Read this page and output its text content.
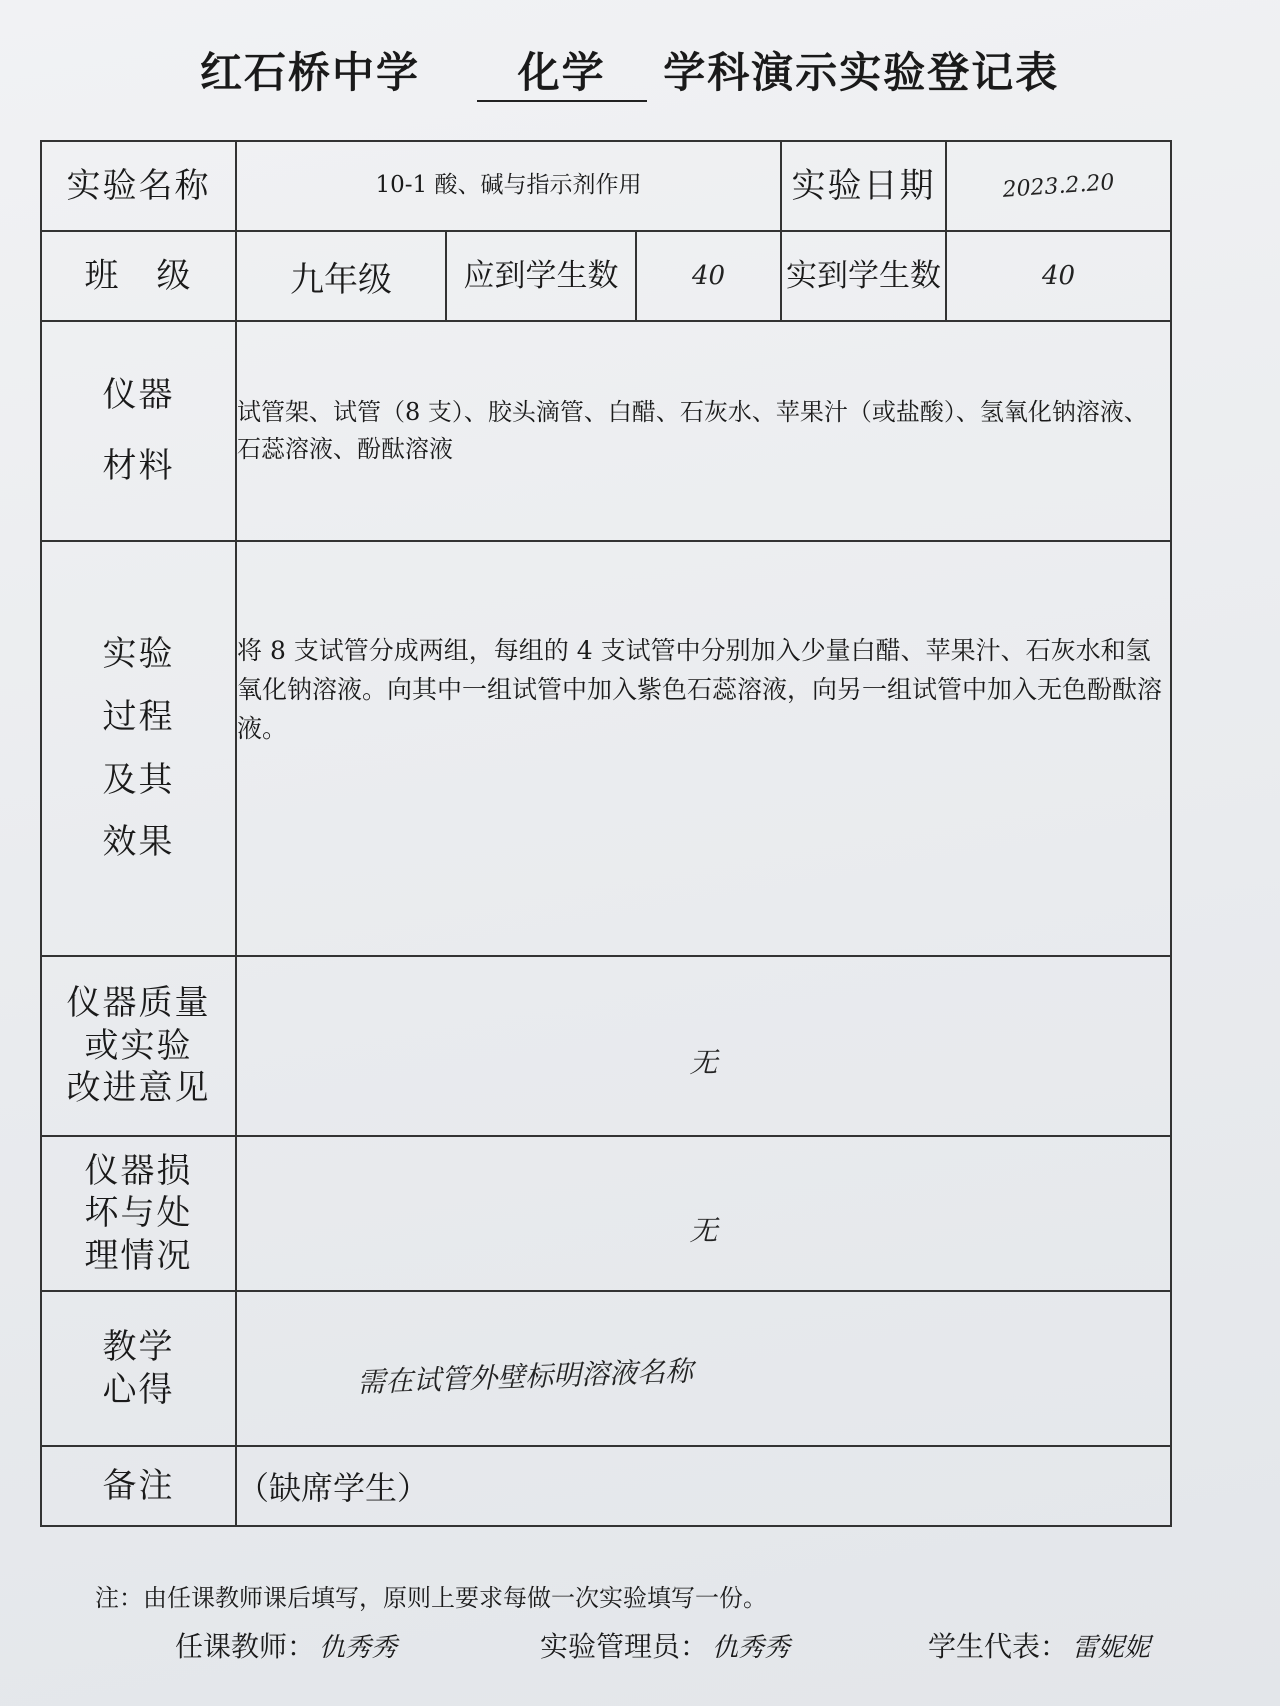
红石桥中学 化学 学科演示实验登记表
实验名称	10-1 酸、碱与指示剂作用			实验日期	2023.2.20

班　级	九年级	应到学生数	40	实到学生数	40

仪器
材料	试管架、试管（8 支）、胶头滴管、白醋、石灰水、苹果汁（或盐酸）、氢氧化钠溶液、石蕊溶液、酚酞溶液				

实验
过程
及其
效果	将 8 支试管分成两组，每组的 4 支试管中分别加入少量白醋、苹果汁、石灰水和氢氧化钠溶液。向其中一组试管中加入紫色石蕊溶液，向另一组试管中加入无色酚酞溶液。				

仪器质量
或实验
改进意见	无				

仪器损
坏与处
理情况	无				

教学
心得	需在试管外壁标明溶液名称				

备注	（缺席学生）				
注：由任课教师课后填写，原则上要求每做一次实验填写一份。
任课教师： 仇秀秀	实验管理员： 仇秀秀	学生代表： 雷妮妮
